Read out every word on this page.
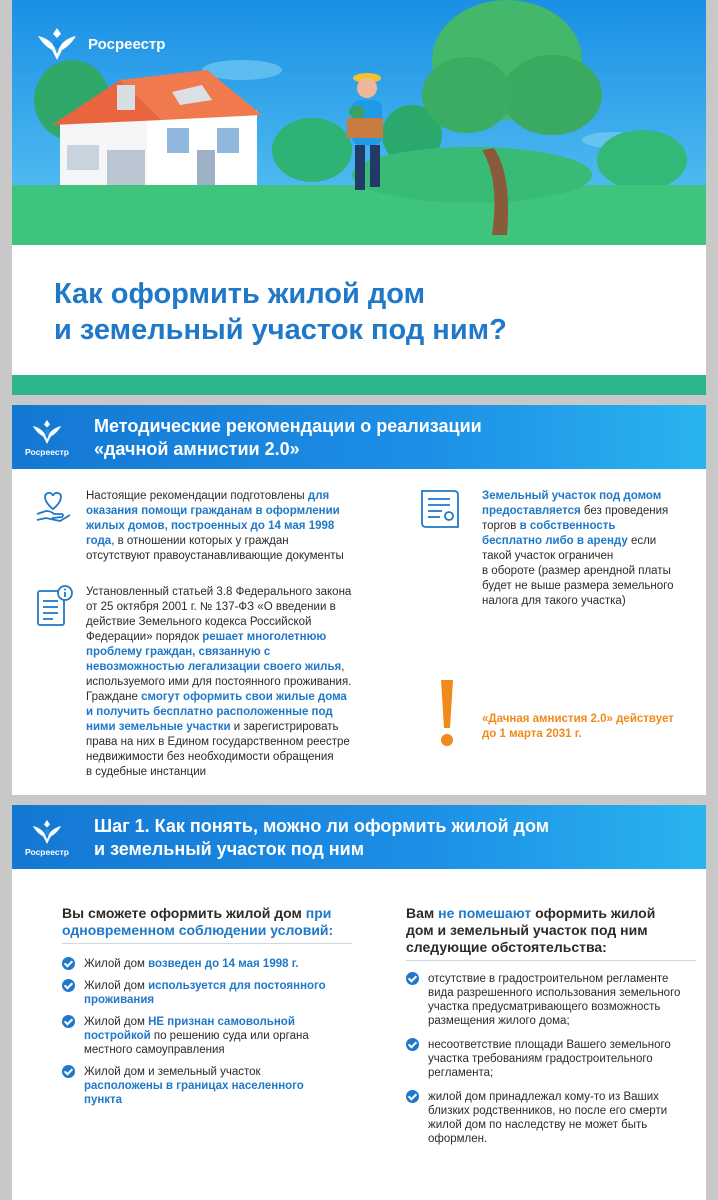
Росреестр
Как оформить жилой дом
и земельный участок под ним?
Росреестр
Методические рекомендации о реализации
«дачной амнистии 2.0»
Настоящие рекомендации подготовлены для
оказания помощи гражданам в оформлении
жилых домов, построенных до 14 мая 1998
года, в отношении которых у граждан
отсутствуют правоустанавливающие документы
Установленный статьей 3.8 Федерального закона
от 25 октября 2001 г. № 137-ФЗ «О введении в
действие Земельного кодекса Российской
Федерации» порядок решает многолетнюю
проблему граждан, связанную с
невозможностью легализации своего жилья,
используемого ими для постоянного проживания.
Граждане смогут оформить свои жилые дома
и получить бесплатно расположенные под
ними земельные участки и зарегистрировать
права на них в Едином государственном реестре
недвижимости без необходимости обращения
в судебные инстанции
Земельный участок под домом
предоставляется без проведения
торгов в собственность
бесплатно либо в аренду если
такой участок ограничен
в обороте (размер арендной платы
будет не выше размера земельного
налога для такого участка)
«Дачная амнистия 2.0» действует
до 1 марта 2031 г.
Росреестр
Шаг 1. Как понять, можно ли оформить жилой дом
и земельный участок под ним
Вы сможете оформить жилой дом при
одновременном соблюдении условий:
Жилой дом возведен до 14 мая 1998 г.
Жилой дом используется для постоянного
проживания
Жилой дом НЕ признан самовольной
постройкой по решению суда или органа
местного самоуправления
Жилой дом и земельный участок
расположены в границах населенного
пункта
Вам не помешают оформить жилой
дом и земельный участок под ним
следующие обстоятельства:
отсутствие в градостроительном регламенте
вида разрешенного использования земельного
участка предусматривающего возможность
размещения жилого дома;
несоответствие площади Вашего земельного
участка требованиям градостроительного
регламента;
жилой дом принадлежал кому-то из Ваших
близких родственников, но после его смерти
жилой дом по наследству не может быть
оформлен.
